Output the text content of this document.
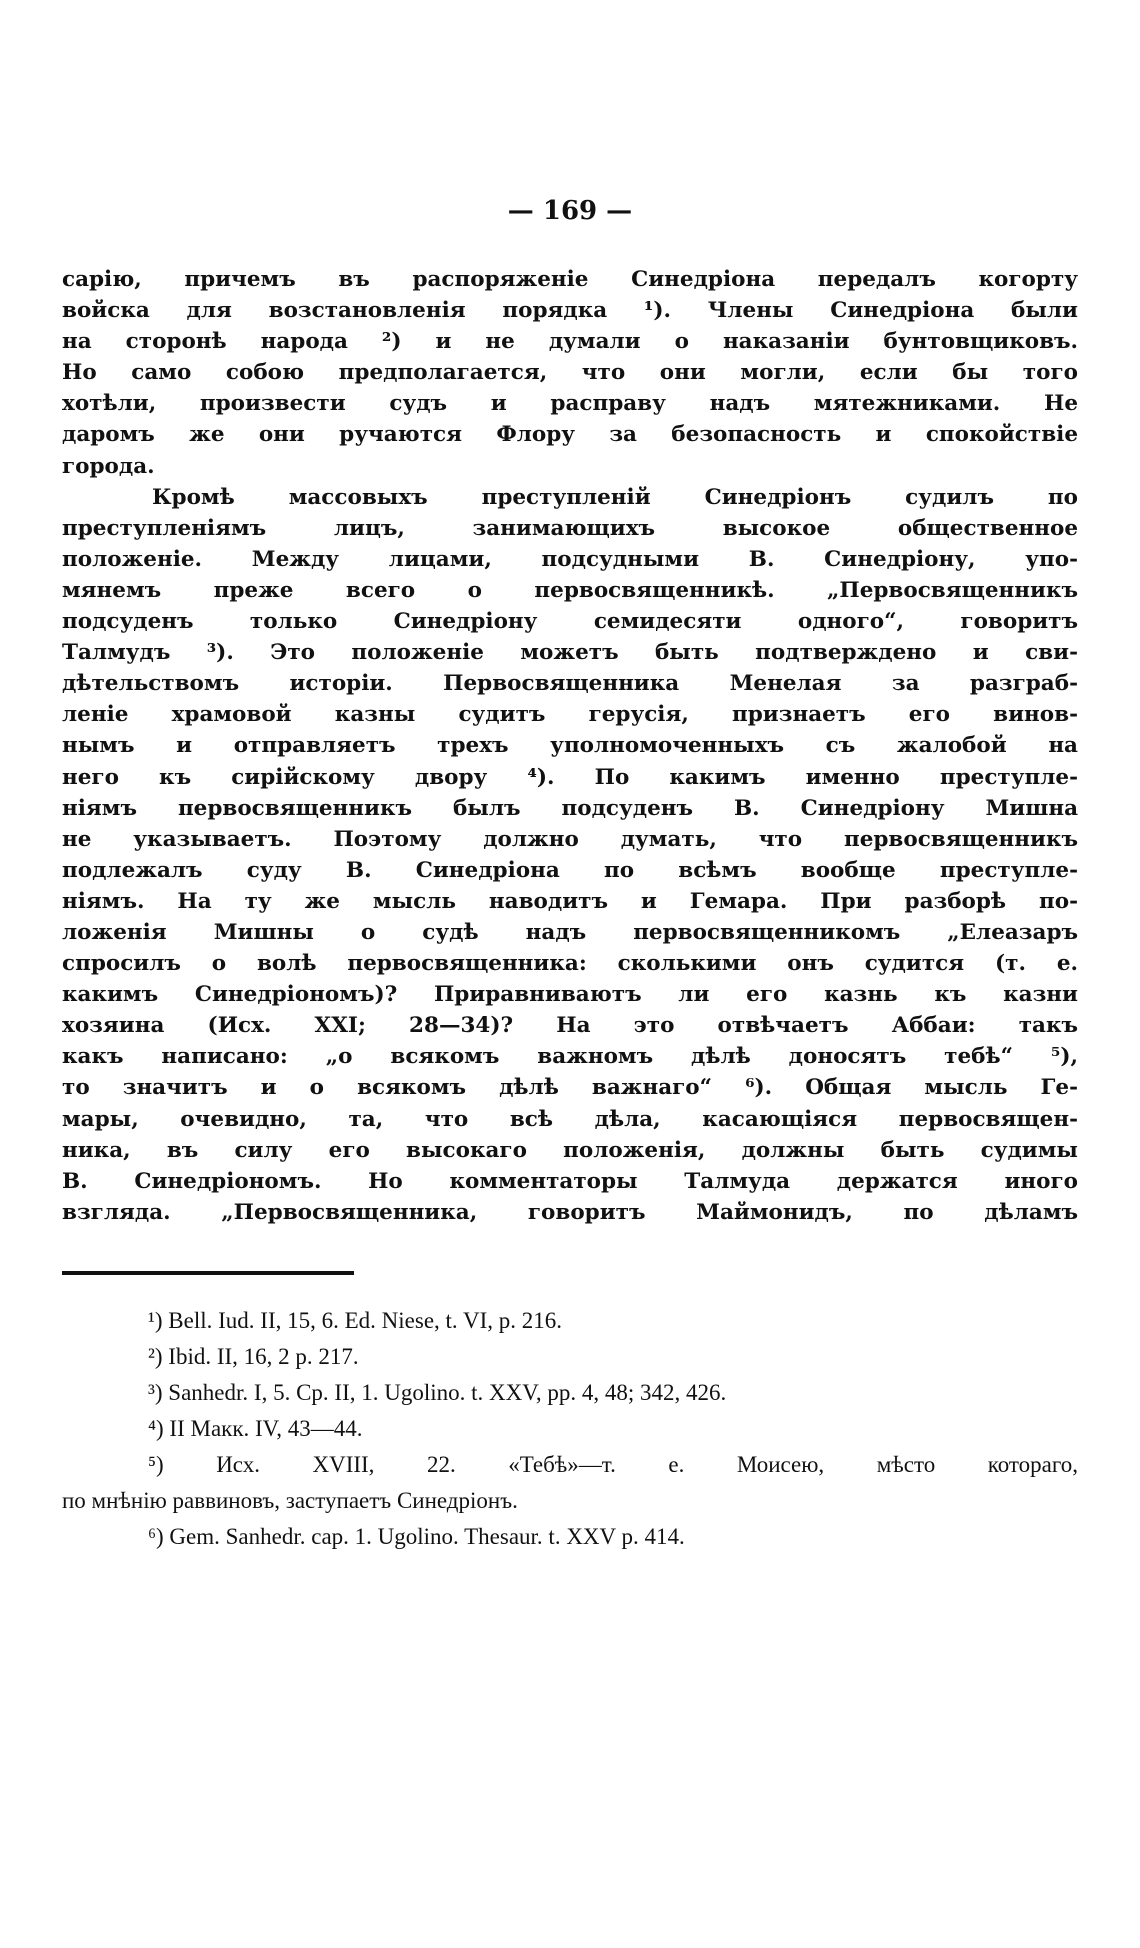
— 169 —
сарію, причемъ въ распоряженіе Синедріона передалъ когорту
войска для возстановленія порядка ¹). Члены Синедріона были
на сторонѣ народа ²) и не думали о наказаніи бунтовщиковъ.
Но само собою предполагается, что они могли, если бы того
хотѣли, произвести судъ и расправу надъ мятежниками. Не
даромъ же они ручаются Флору за безопасность и спокойствіе
города.
Кромѣ массовыхъ преступленій Синедріонъ судилъ по
преступленіямъ лицъ, занимающихъ высокое общественное
положеніе. Между лицами, подсудными В. Синедріону, упо-
мянемъ преже всего о первосвященникѣ. „Первосвященникъ
подсуденъ только Синедріону семидесяти одного“, говоритъ
Талмудъ ³). Это положеніе можетъ быть подтверждено и сви-
дѣтельствомъ исторіи. Первосвященника Менелая за разграб-
леніе храмовой казны судитъ герусія, признаетъ его винов-
нымъ и отправляетъ трехъ уполномоченныхъ съ жалобой на
него къ сирійскому двору ⁴). По какимъ именно преступле-
ніямъ первосвященникъ былъ подсуденъ В. Синедріону Мишна
не указываетъ. Поэтому должно думать, что первосвященникъ
подлежалъ суду В. Синедріона по всѣмъ вообще преступле-
ніямъ. На ту же мысль наводитъ и Гемара. При разборѣ по-
ложенія Мишны о судѣ надъ первосвященникомъ „Елеазаръ
спросилъ о волѣ первосвященника: сколькими онъ судится (т. е.
какимъ Синедріономъ)? Приравниваютъ ли его казнь къ казни
хозяина (Исх. XXI; 28—34)? На это отвѣчаетъ Аббаи: такъ
какъ написано: „о всякомъ важномъ дѣлѣ доносятъ тебѣ“ ⁵),
то значитъ и о всякомъ дѣлѣ важнаго“ ⁶). Общая мысль Ге-
мары, очевидно, та, что всѣ дѣла, касающіяся первосвящен-
ника, въ силу его высокаго положенія, должны быть судимы
В. Синедріономъ. Но комментаторы Талмуда держатся иного
взгляда. „Первосвященника, говоритъ Маймонидъ, по дѣламъ
¹) Bell. Iud. II, 15, 6. Ed. Niese, t. VI, p. 216.
²) Ibid. II, 16, 2 p. 217.
³) Sanhedr. I, 5. Cp. II, 1. Ugolino. t. XXV, pp. 4, 48; 342, 426.
⁴) II Макк. IV, 43—44.
⁵) Исх. XVIII, 22. «Тебѣ»—т. е. Моисею, мѣсто котораго,
по мнѣнію раввиновъ, заступаетъ Синедріонъ.
⁶) Gem. Sanhedr. cap. 1. Ugolino. Thesaur. t. XXV p. 414.
